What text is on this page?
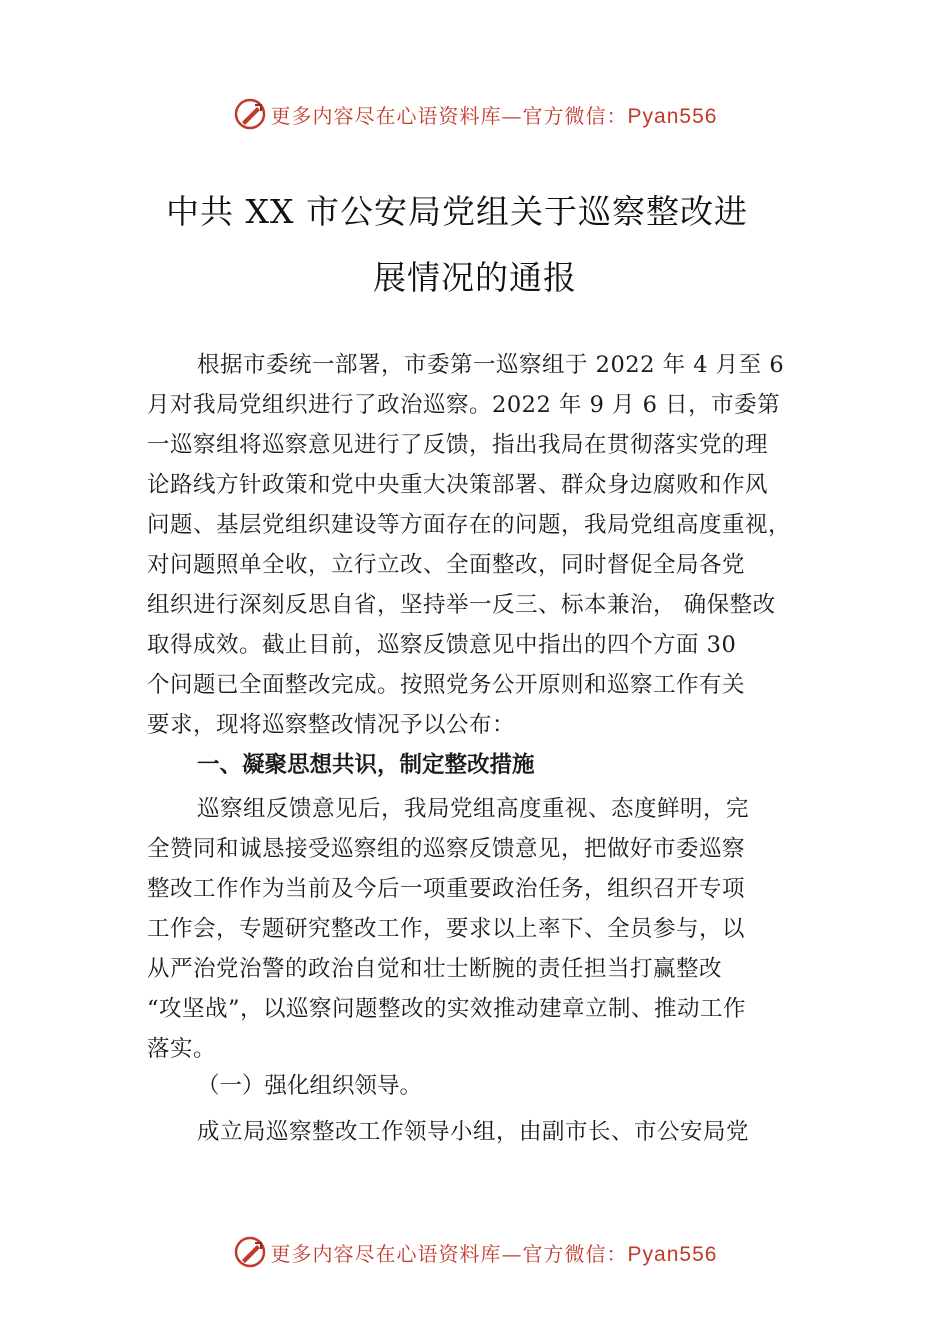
更多内容尽在心语资料库—官方微信：Pyan556
中共 XX 市公安局党组关于巡察整改进
展情况的通报
根据市委统一部署，市委第一巡察组于 2022 年 4 月至 6
月对我局党组织进行了政治巡察。2022 年 9 月 6 日，市委第
一巡察组将巡察意见进行了反馈，指出我局在贯彻落实党的理
论路线方针政策和党中央重大决策部署、群众身边腐败和作风
问题、基层党组织建设等方面存在的问题，我局党组高度重视，
对问题照单全收，立行立改、全面整改，同时督促全局各党
组织进行深刻反思自省，坚持举一反三、标本兼治， 确保整改
取得成效。截止目前，巡察反馈意见中指出的四个方面 30
个问题已全面整改完成。按照党务公开原则和巡察工作有关
要求，现将巡察整改情况予以公布：
一、凝聚思想共识，制定整改措施
巡察组反馈意见后，我局党组高度重视、态度鲜明，完
全赞同和诚恳接受巡察组的巡察反馈意见，把做好市委巡察
整改工作作为当前及今后一项重要政治任务，组织召开专项
工作会，专题研究整改工作，要求以上率下、全员参与，以
从严治党治警的政治自觉和壮士断腕的责任担当打赢整改
“攻坚战”，以巡察问题整改的实效推动建章立制、推动工作
落实。
（一）强化组织领导。
成立局巡察整改工作领导小组，由副市长、市公安局党
更多内容尽在心语资料库—官方微信：Pyan556
